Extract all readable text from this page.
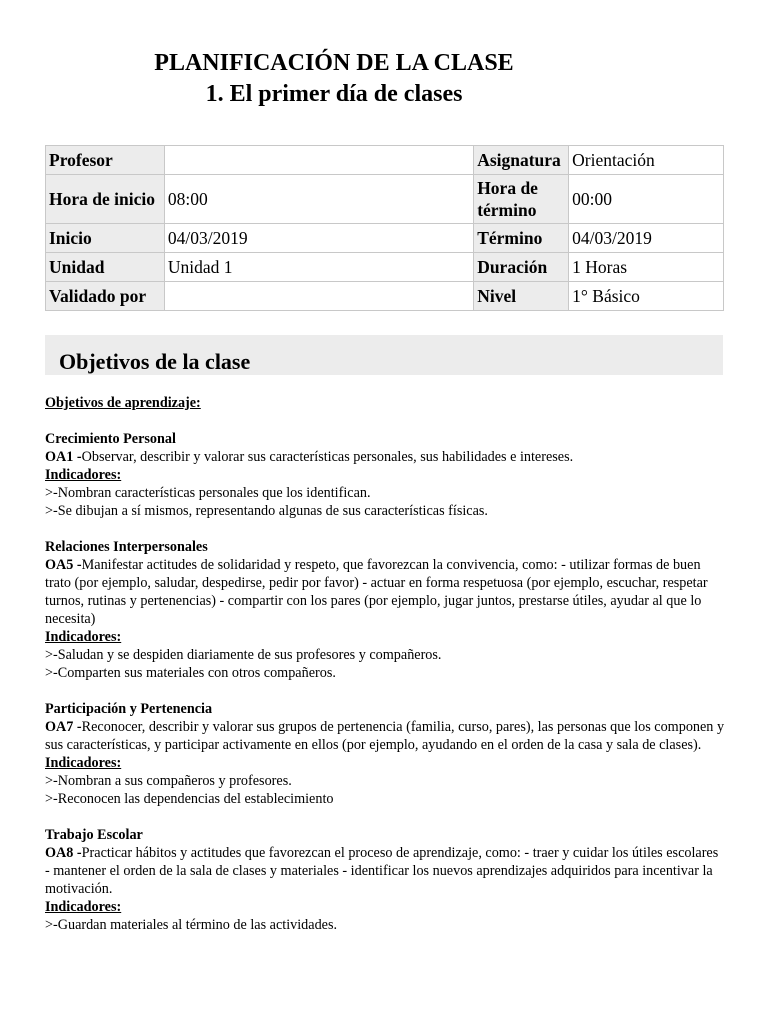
PLANIFICACIÓN DE LA CLASE
1. El primer día de clases
Profesor		Asignatura	Orientación
Hora de inicio	08:00	Hora de término	00:00
Inicio	04/03/2019	Término	04/03/2019
Unidad	Unidad 1	Duración	1 Horas
Validado por		Nivel	1° Básico
Objetivos de la clase
Objetivos de aprendizaje:
Crecimiento Personal
OA1 -Observar, describir y valorar sus características personales, sus habilidades e intereses.
Indicadores:
>-Nombran características personales que los identifican.
>-Se dibujan a sí mismos, representando algunas de sus características físicas.
Relaciones Interpersonales
OA5 -Manifestar actitudes de solidaridad y respeto, que favorezcan la convivencia, como: - utilizar formas de buen trato (por ejemplo, saludar, despedirse, pedir por favor) - actuar en forma respetuosa (por ejemplo, escuchar, respetar turnos, rutinas y pertenencias) - compartir con los pares (por ejemplo, jugar juntos, prestarse útiles, ayudar al que lo necesita)
Indicadores:
>-Saludan y se despiden diariamente de sus profesores y compañeros.
>-Comparten sus materiales con otros compañeros.
Participación y Pertenencia
OA7 -Reconocer, describir y valorar sus grupos de pertenencia (familia, curso, pares), las personas que los componen y sus características, y participar activamente en ellos (por ejemplo, ayudando en el orden de la casa y sala de clases).
Indicadores:
>-Nombran a sus compañeros y profesores.
>-Reconocen las dependencias del establecimiento
Trabajo Escolar
OA8 -Practicar hábitos y actitudes que favorezcan el proceso de aprendizaje, como: - traer y cuidar los útiles escolares - mantener el orden de la sala de clases y materiales - identificar los nuevos aprendizajes adquiridos para incentivar la motivación.
Indicadores:
>-Guardan materiales al término de las actividades.
